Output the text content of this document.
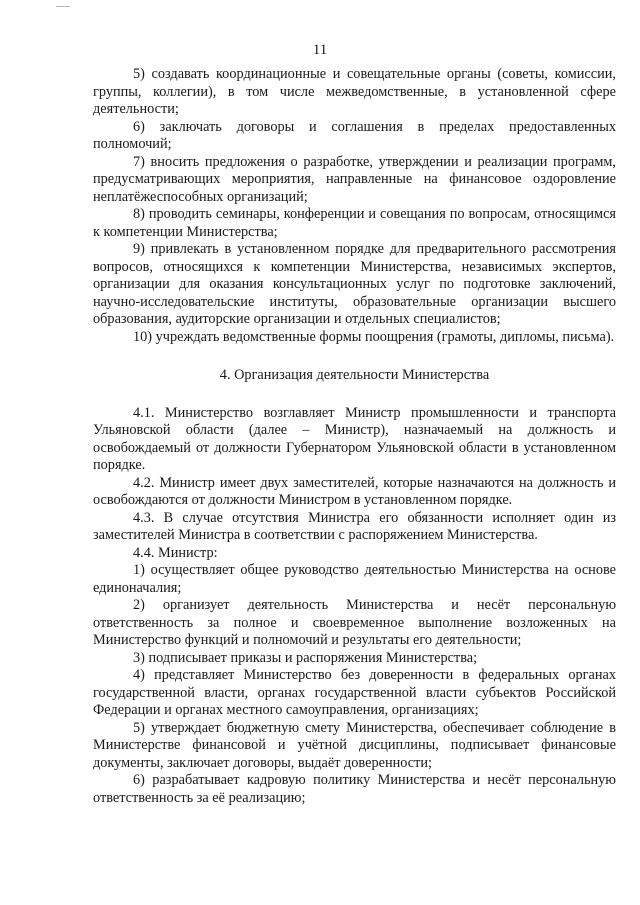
11

5) создавать координационные и совещательные органы (советы, комиссии, группы, коллегии), в том числе межведомственные, в установленной сфере деятельности;

6) заключать договоры и соглашения в пределах предоставленных полномочий;

7) вносить предложения о разработке, утверждении и реализации программ, предусматривающих мероприятия, направленные на финансовое оздоровление неплатёжеспособных организаций;

8) проводить семинары, конференции и совещания по вопросам, относящимся к компетенции Министерства;

9) привлекать в установленном порядке для предварительного рассмотрения вопросов, относящихся к компетенции Министерства, независимых экспертов, организации для оказания консультационных услуг по подготовке заключений, научно-исследовательские институты, образовательные организации высшего образования, аудиторские организации и отдельных специалистов;

10) учреждать ведомственные формы поощрения (грамоты, дипломы, письма).

4. Организация деятельности Министерства

4.1. Министерство возглавляет Министр промышленности и транспорта Ульяновской области (далее – Министр), назначаемый на должность и освобождаемый от должности Губернатором Ульяновской области в установленном порядке.

4.2. Министр имеет двух заместителей, которые назначаются на должность и освобождаются от должности Министром в установленном порядке.

4.3. В случае отсутствия Министра его обязанности исполняет один из заместителей Министра в соответствии с распоряжением Министерства.

4.4. Министр:

1) осуществляет общее руководство деятельностью Министерства на основе единоначалия;

2) организует деятельность Министерства и несёт персональную ответственность за полное и своевременное выполнение возложенных на Министерство функций и полномочий и результаты его деятельности;

3) подписывает приказы и распоряжения Министерства;

4) представляет Министерство без доверенности в федеральных органах государственной власти, органах государственной власти субъектов Российской Федерации и органах местного самоуправления, организациях;

5) утверждает бюджетную смету Министерства, обеспечивает соблюдение в Министерстве финансовой и учётной дисциплины, подписывает финансовые документы, заключает договоры, выдаёт доверенности;

6) разрабатывает кадровую политику Министерства и несёт персональную ответственность за её реализацию;
